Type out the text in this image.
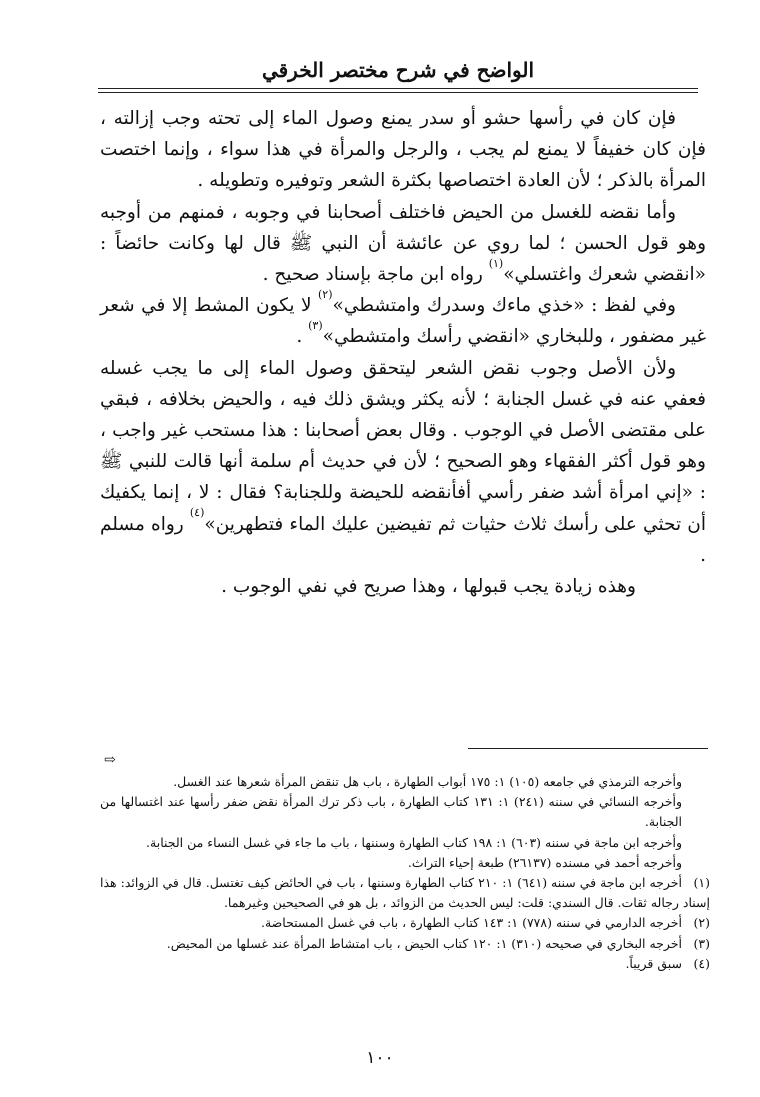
الواضح في شرح مختصر الخرقي

فإن كان في رأسها حشو أو سدر يمنع وصول الماء إلى تحته وجب إزالته ، فإن كان خفيفاً لا يمنع لم يجب ، والرجل والمرأة في هذا سواء ، وإنما اختصت المرأة بالذكر ؛ لأن العادة اختصاصها بكثرة الشعر وتوفيره وتطويله .

وأما نقضه للغسل من الحيض فاختلف أصحابنا في وجوبه ، فمنهم من أوجبه وهو قول الحسن ؛ لما روي عن عائشة أن النبي ﷺ قال لها وكانت حائضاً : «انقضي شعرك واغتسلي»$^{(١)}$ رواه ابن ماجة بإسناد صحيح .

وفي لفظ : «خذي ماءك وسدرك وامتشطي»$^{(٢)}$ لا يكون المشط إلا في شعر غير مضفور ، وللبخاري «انقضي رأسك وامتشطي»$^{(٣)}$ .

ولأن الأصل وجوب نقض الشعر ليتحقق وصول الماء إلى ما يجب غسله فعفي عنه في غسل الجنابة ؛ لأنه يكثر ويشق ذلك فيه ، والحيض بخلافه ، فبقي على مقتضى الأصل في الوجوب . وقال بعض أصحابنا : هذا مستحب غير واجب ، وهو قول أكثر الفقهاء وهو الصحيح ؛ لأن في حديث أم سلمة أنها قالت للنبي ﷺ : «إني امرأة أشد ضفر رأسي أفأنقضه للحيضة وللجنابة؟ فقال : لا ، إنما يكفيك أن تحثي على رأسك ثلاث حثيات ثم تفيضين عليك الماء فتطهرين»$^{(٤)}$ رواه مسلم .

وهذه زيادة يجب قبولها ، وهذا صريح في نفي الوجوب .

⇨

وأخرجه الترمذي في جامعه (١٠٥) ١: ١٧٥ أبواب الطهارة ، باب هل تنقض المرأة شعرها عند الغسل.

وأخرجه النسائي في سننه (٢٤١) ١: ١٣١ كتاب الطهارة ، باب ذكر ترك المرأة نقض ضفر رأسها عند اغتسالها من الجنابة.

وأخرجه ابن ماجة في سننه (٦٠٣) ١: ١٩٨ كتاب الطهارة وسننها ، باب ما جاء في غسل النساء من الجنابة.

وأخرجه أحمد في مسنده (٢٦١٣٧) طبعة إحياء التراث.

(١)أخرجه ابن ماجة في سننه (٦٤١) ١: ٢١٠ كتاب الطهارة وسننها ، باب في الحائض كيف تغتسل. قال في الزوائد: هذا إسناد رجاله ثقات. قال السندي: قلت: ليس الحديث من الزوائد ، بل هو في الصحيحين وغيرهما.

(٢)أخرجه الدارمي في سننه (٧٧٨) ١: ١٤٣ كتاب الطهارة ، باب في غسل المستحاضة.

(٣)أخرجه البخاري في صحيحه (٣١٠) ١: ١٢٠ كتاب الحيض ، باب امتشاط المرأة عند غسلها من المحيض.

(٤)سبق قريباً.

١٠٠
